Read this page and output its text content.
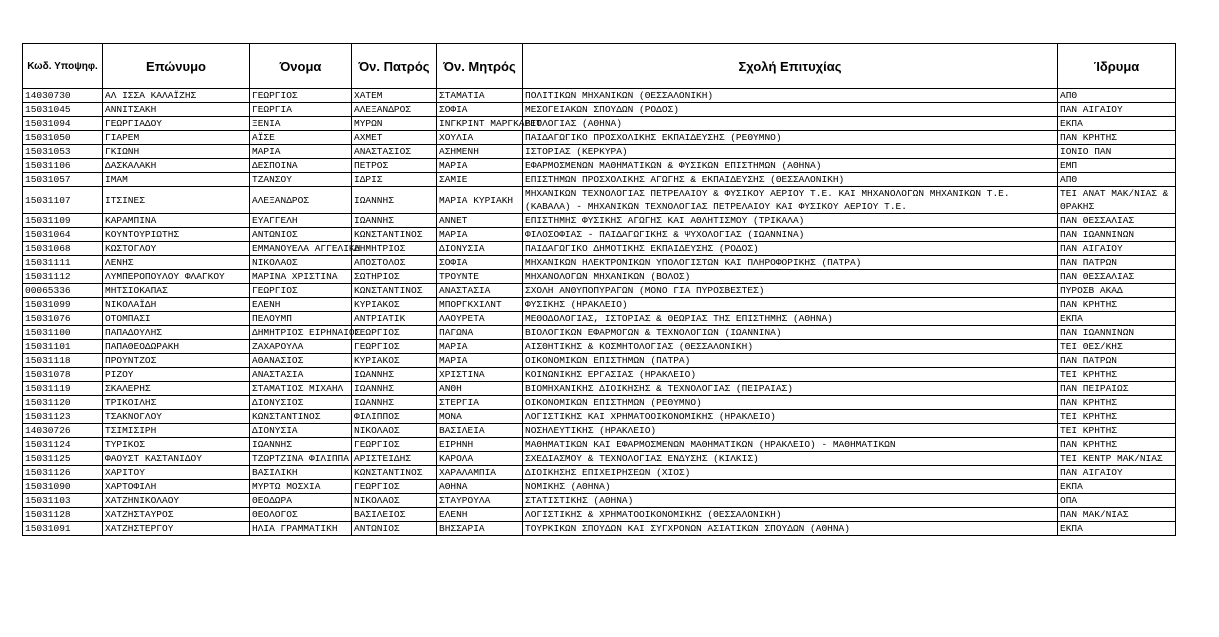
Κωδ. Υποψηφ.	Επώνυμο	Όνομα	Όν. Πατρός	Όν. Μητρός	Σχολή Επιτυχίας	Ίδρυμα
14030730	ΑΛ ΙΣΣΑ ΚΑΛΑΪΖΗΣ	ΓΕΩΡΓΙΟΣ	ΧΑΤΕΜ	ΣΤΑΜΑΤΙΑ	ΠΟΛΙΤΙΚΩΝ ΜΗΧΑΝΙΚΩΝ (ΘΕΣΣΑΛΟΝΙΚΗ)	ΑΠΘ
15031045	ΑΝΝΙΤΣΑΚΗ	ΓΕΩΡΓΙΑ	ΑΛΕΞΑΝΔΡΟΣ	ΣΟΦΙΑ	ΜΕΣΟΓΕΙΑΚΩΝ ΣΠΟΥΔΩΝ (ΡΟΔΟΣ)	ΠΑΝ ΑΙΓΑΙΟΥ
15031094	ΓΕΩΡΓΙΑΔΟΥ	ΞΕΝΙΑ	ΜΥΡΩΝ	ΙΝΓΚΡΙΝΤ ΜΑΡΓΚΑΡΕΤ	ΒΙΟΛΟΓΙΑΣ (ΑΘΗΝΑ)	ΕΚΠΑ
15031050	ΓΙΑΡΕΜ	ΑΪΣΕ	ΑΧΜΕΤ	ΧΟΥΛΙΑ	ΠΑΙΔΑΓΩΓΙΚΟ ΠΡΟΣΧΟΛΙΚΗΣ ΕΚΠΑΙΔΕΥΣΗΣ (ΡΕΘΥΜΝΟ)	ΠΑΝ ΚΡΗΤΗΣ
15031053	ΓΚΙΩΝΗ	ΜΑΡΙΑ	ΑΝΑΣΤΑΣΙΟΣ	ΑΣΗΜΕΝΗ	ΙΣΤΟΡΙΑΣ (ΚΕΡΚΥΡΑ)	ΙΟΝΙΟ ΠΑΝ
15031106	ΔΑΣΚΑΛΑΚΗ	ΔΕΣΠΟΙΝΑ	ΠΕΤΡΟΣ	ΜΑΡΙΑ	ΕΦΑΡΜΟΣΜΕΝΩΝ ΜΑΘΗΜΑΤΙΚΩΝ & ΦΥΣΙΚΩΝ ΕΠΙΣΤΗΜΩΝ (ΑΘΗΝΑ)	ΕΜΠ
15031057	ΙΜΑΜ	ΤΖΑΝΣΟΥ	ΙΔΡΙΣ	ΣΑΜΙΕ	ΕΠΙΣΤΗΜΩΝ ΠΡΟΣΧΟΛΙΚΗΣ ΑΓΩΓΗΣ & ΕΚΠΑΙΔΕΥΣΗΣ (ΘΕΣΣΑΛΟΝΙΚΗ)	ΑΠΘ
15031107	ΙΤΣΙΝΕΣ	ΑΛΕΞΑΝΔΡΟΣ	ΙΩΑΝΝΗΣ	ΜΑΡΙΑ ΚΥΡΙΑΚΗ	ΜΗΧΑΝΙΚΩΝ ΤΕΧΝΟΛΟΓΙΑΣ ΠΕΤΡΕΛΑΙΟΥ & ΦΥΣΙΚΟΥ ΑΕΡΙΟΥ Τ.Ε. ΚΑΙ ΜΗΧΑΝΟΛΟΓΩΝ ΜΗΧΑΝΙΚΩΝ Τ.Ε. (ΚΑΒΑΛΑ) - ΜΗΧΑΝΙΚΩΝ ΤΕΧΝΟΛΟΓΙΑΣ ΠΕΤΡΕΛΑΙΟΥ ΚΑΙ ΦΥΣΙΚΟΥ ΑΕΡΙΟΥ Τ.Ε.	ΤΕΙ ΑΝΑΤ ΜΑΚ/ΝΙΑΣ & ΘΡΑΚΗΣ
15031109	ΚΑΡΑΜΠΙΝΑ	ΕΥΑΓΓΕΛΗ	ΙΩΑΝΝΗΣ	ΑΝΝΕΤ	ΕΠΙΣΤΗΜΗΣ ΦΥΣΙΚΗΣ ΑΓΩΓΗΣ ΚΑΙ ΑΘΛΗΤΙΣΜΟΥ (ΤΡΙΚΑΛΑ)	ΠΑΝ ΘΕΣΣΑΛΙΑΣ
15031064	ΚΟΥΝΤΟΥΡΙΩΤΗΣ	ΑΝΤΩΝΙΟΣ	ΚΩΝΣΤΑΝΤΙΝΟΣ	ΜΑΡΙΑ	ΦΙΛΟΣΟΦΙΑΣ - ΠΑΙΔΑΓΩΓΙΚΗΣ & ΨΥΧΟΛΟΓΙΑΣ (ΙΩΑΝΝΙΝΑ)	ΠΑΝ ΙΩΑΝΝΙΝΩΝ
15031068	ΚΩΣΤΟΓΛΟΥ	ΕΜΜΑΝΟΥΕΛΑ ΑΓΓΕΛΙΚΗ	ΔΗΜΗΤΡΙΟΣ	ΔΙΟΝΥΣΙΑ	ΠΑΙΔΑΓΩΓΙΚΟ ΔΗΜΟΤΙΚΗΣ ΕΚΠΑΙΔΕΥΣΗΣ (ΡΟΔΟΣ)	ΠΑΝ ΑΙΓΑΙΟΥ
15031111	ΛΕΝΗΣ	ΝΙΚΟΛΑΟΣ	ΑΠΟΣΤΟΛΟΣ	ΣΟΦΙΑ	ΜΗΧΑΝΙΚΩΝ ΗΛΕΚΤΡΟΝΙΚΩΝ ΥΠΟΛΟΓΙΣΤΩΝ ΚΑΙ ΠΛΗΡΟΦΟΡΙΚΗΣ (ΠΑΤΡΑ)	ΠΑΝ ΠΑΤΡΩΝ
15031112	ΛΥΜΠΕΡΟΠΟΥΛΟΥ ΦΛΑΓΚΟΥ	ΜΑΡΙΝΑ ΧΡΙΣΤΙΝΑ	ΣΩΤΗΡΙΟΣ	ΤΡΟΥΝΤΕ	ΜΗΧΑΝΟΛΟΓΩΝ ΜΗΧΑΝΙΚΩΝ (ΒΟΛΟΣ)	ΠΑΝ ΘΕΣΣΑΛΙΑΣ
00065336	ΜΗΤΣΙΟΚΑΠΑΣ	ΓΕΩΡΓΙΟΣ	ΚΩΝΣΤΑΝΤΙΝΟΣ	ΑΝΑΣΤΑΣΙΑ	ΣΧΟΛΗ ΑΝΘΥΠΟΠΥΡΑΓΩΝ (ΜΟΝΟ ΓΙΑ ΠΥΡΟΣΒΕΣΤΕΣ)	ΠΥΡΟΣΒ ΑΚΑΔ
15031099	ΝΙΚΟΛΑΪΔΗ	ΕΛΕΝΗ	ΚΥΡΙΑΚΟΣ	ΜΠΟΡΓΚΧΙΛΝΤ	ΦΥΣΙΚΗΣ (ΗΡΑΚΛΕΙΟ)	ΠΑΝ ΚΡΗΤΗΣ
15031076	ΟΤΟΜΠΑΣΙ	ΠΕΛΟΥΜΠ	ΑΝΤΡΙΑΤΙΚ	ΛΑΟΥΡΕΤΑ	ΜΕΘΟΔΟΛΟΓΙΑΣ, ΙΣΤΟΡΙΑΣ & ΘΕΩΡΙΑΣ ΤΗΣ ΕΠΙΣΤΗΜΗΣ (ΑΘΗΝΑ)	ΕΚΠΑ
15031100	ΠΑΠΑΔΟΥΛΗΣ	ΔΗΜΗΤΡΙΟΣ ΕΙΡΗΝΑΙΟΣ	ΓΕΩΡΓΙΟΣ	ΠΑΓΩΝΑ	ΒΙΟΛΟΓΙΚΩΝ ΕΦΑΡΜΟΓΩΝ & ΤΕΧΝΟΛΟΓΙΩΝ (ΙΩΑΝΝΙΝΑ)	ΠΑΝ ΙΩΑΝΝΙΝΩΝ
15031101	ΠΑΠΑΘΕΟΔΩΡΑΚΗ	ΖΑΧΑΡΟΥΛΑ	ΓΕΩΡΓΙΟΣ	ΜΑΡΙΑ	ΑΙΣΘΗΤΙΚΗΣ & ΚΟΣΜΗΤΟΛΟΓΙΑΣ (ΘΕΣΣΑΛΟΝΙΚΗ)	ΤΕΙ ΘΕΣ/ΚΗΣ
15031118	ΠΡΟΥΝΤΖΟΣ	ΑΘΑΝΑΣΙΟΣ	ΚΥΡΙΑΚΟΣ	ΜΑΡΙΑ	ΟΙΚΟΝΟΜΙΚΩΝ ΕΠΙΣΤΗΜΩΝ (ΠΑΤΡΑ)	ΠΑΝ ΠΑΤΡΩΝ
15031078	ΡΙΖΟΥ	ΑΝΑΣΤΑΣΙΑ	ΙΩΑΝΝΗΣ	ΧΡΙΣΤΙΝΑ	ΚΟΙΝΩΝΙΚΗΣ ΕΡΓΑΣΙΑΣ (ΗΡΑΚΛΕΙΟ)	ΤΕΙ ΚΡΗΤΗΣ
15031119	ΣΚΑΛΕΡΗΣ	ΣΤΑΜΑΤΙΟΣ ΜΙΧΑΗΛ	ΙΩΑΝΝΗΣ	ΑΝΘΗ	ΒΙΟΜΗΧΑΝΙΚΗΣ ΔΙΟΙΚΗΣΗΣ & ΤΕΧΝΟΛΟΓΙΑΣ (ΠΕΙΡΑΙΑΣ)	ΠΑΝ ΠΕΙΡΑΙΩΣ
15031120	ΤΡΙΚΟΙΛΗΣ	ΔΙΟΝΥΣΙΟΣ	ΙΩΑΝΝΗΣ	ΣΤΕΡΓΙΑ	ΟΙΚΟΝΟΜΙΚΩΝ ΕΠΙΣΤΗΜΩΝ (ΡΕΘΥΜΝΟ)	ΠΑΝ ΚΡΗΤΗΣ
15031123	ΤΣΑΚΝΟΓΛΟΥ	ΚΩΝΣΤΑΝΤΙΝΟΣ	ΦΙΛΙΠΠΟΣ	ΜΟΝΑ	ΛΟΓΙΣΤΙΚΗΣ ΚΑΙ ΧΡΗΜΑΤΟΟΙΚΟΝΟΜΙΚΗΣ (ΗΡΑΚΛΕΙΟ)	ΤΕΙ ΚΡΗΤΗΣ
14030726	ΤΣΙΜΙΣΙΡΗ	ΔΙΟΝΥΣΙΑ	ΝΙΚΟΛΑΟΣ	ΒΑΣΙΛΕΙΑ	ΝΟΣΗΛΕΥΤΙΚΗΣ (ΗΡΑΚΛΕΙΟ)	ΤΕΙ ΚΡΗΤΗΣ
15031124	ΤΥΡΙΚΟΣ	ΙΩΑΝΝΗΣ	ΓΕΩΡΓΙΟΣ	ΕΙΡΗΝΗ	ΜΑΘΗΜΑΤΙΚΩΝ ΚΑΙ ΕΦΑΡΜΟΣΜΕΝΩΝ ΜΑΘΗΜΑΤΙΚΩΝ (ΗΡΑΚΛΕΙΟ) - ΜΑΘΗΜΑΤΙΚΩΝ	ΠΑΝ ΚΡΗΤΗΣ
15031125	ΦΑΟΥΣΤ ΚΑΣΤΑΝΙΔΟΥ	ΤΖΩΡΤΖΙΝΑ ΦΙΛΙΠΠΑ	ΑΡΙΣΤΕΙΔΗΣ	ΚΑΡΟΛΑ	ΣΧΕΔΙΑΣΜΟΥ & ΤΕΧΝΟΛΟΓΙΑΣ ΕΝΔΥΣΗΣ (ΚΙΛΚΙΣ)	ΤΕΙ ΚΕΝΤΡ ΜΑΚ/ΝΙΑΣ
15031126	ΧΑΡΙΤΟΥ	ΒΑΣΙΛΙΚΗ	ΚΩΝΣΤΑΝΤΙΝΟΣ	ΧΑΡΑΛΑΜΠΙΑ	ΔΙΟΙΚΗΣΗΣ ΕΠΙΧΕΙΡΗΣΕΩΝ (ΧΙΟΣ)	ΠΑΝ ΑΙΓΑΙΟΥ
15031090	ΧΑΡΤΟΦΙΛΗ	ΜΥΡΤΩ ΜΟΣΧΙΑ	ΓΕΩΡΓΙΟΣ	ΑΘΗΝΑ	ΝΟΜΙΚΗΣ (ΑΘΗΝΑ)	ΕΚΠΑ
15031103	ΧΑΤΖΗΝΙΚΟΛΑΟΥ	ΘΕΟΔΩΡΑ	ΝΙΚΟΛΑΟΣ	ΣΤΑΥΡΟΥΛΑ	ΣΤΑΤΙΣΤΙΚΗΣ (ΑΘΗΝΑ)	ΟΠΑ
15031128	ΧΑΤΖΗΣΤΑΥΡΟΣ	ΘΕΟΛΟΓΟΣ	ΒΑΣΙΛΕΙΟΣ	ΕΛΕΝΗ	ΛΟΓΙΣΤΙΚΗΣ & ΧΡΗΜΑΤΟΟΙΚΟΝΟΜΙΚΗΣ (ΘΕΣΣΑΛΟΝΙΚΗ)	ΠΑΝ ΜΑΚ/ΝΙΑΣ
15031091	ΧΑΤΖΗΣΤΕΡΓΟΥ	ΗΛΙΑ ΓΡΑΜΜΑΤΙΚΗ	ΑΝΤΩΝΙΟΣ	ΒΗΣΣΑΡΙΑ	ΤΟΥΡΚΙΚΩΝ ΣΠΟΥΔΩΝ ΚΑΙ ΣΥΓΧΡΟΝΩΝ ΑΣΙΑΤΙΚΩΝ ΣΠΟΥΔΩΝ (ΑΘΗΝΑ)	ΕΚΠΑ
